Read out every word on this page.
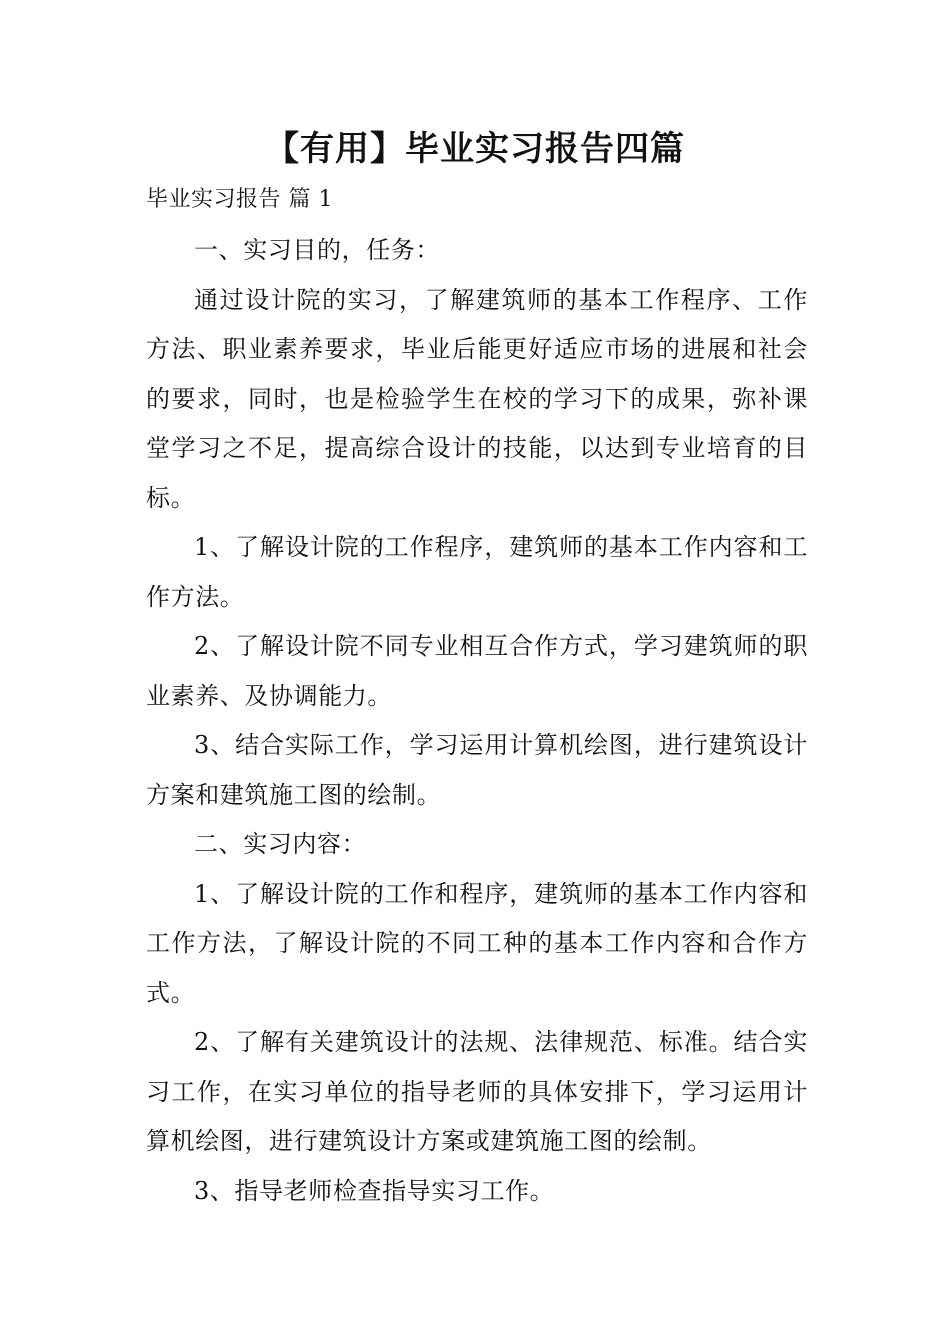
【有用】毕业实习报告四篇
毕业实习报告 篇 1

一、实习目的，任务：

通过设计院的实习，了解建筑师的基本工作程序、工作方法、职业素养要求，毕业后能更好适应市场的进展和社会的要求，同时，也是检验学生在校的学习下的成果，弥补课堂学习之不足，提高综合设计的技能，以达到专业培育的目标。

1、了解设计院的工作程序，建筑师的基本工作内容和工作方法。

2、了解设计院不同专业相互合作方式，学习建筑师的职业素养、及协调能力。

3、结合实际工作，学习运用计算机绘图，进行建筑设计方案和建筑施工图的绘制。

二、实习内容：

1、了解设计院的工作和程序，建筑师的基本工作内容和工作方法，了解设计院的不同工种的基本工作内容和合作方式。

2、了解有关建筑设计的法规、法律规范、标准。结合实习工作，在实习单位的指导老师的具体安排下，学习运用计算机绘图，进行建筑设计方案或建筑施工图的绘制。

3、指导老师检查指导实习工作。
